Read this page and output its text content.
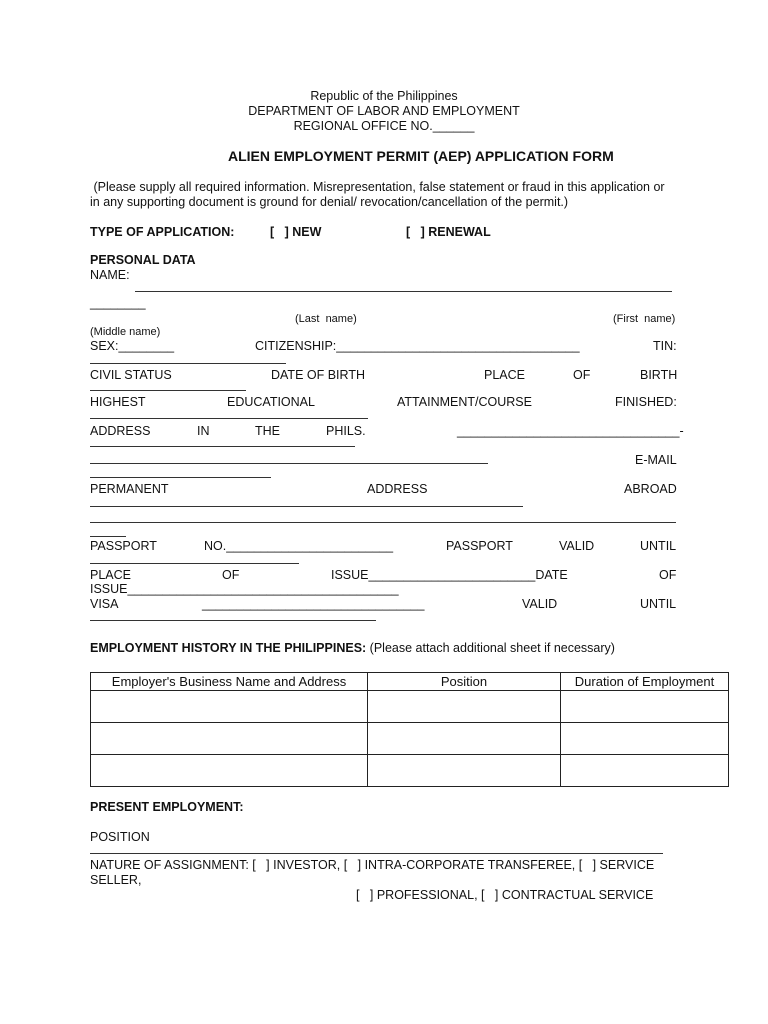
Republic of the Philippines
DEPARTMENT OF LABOR AND EMPLOYMENT
REGIONAL OFFICE NO.______
ALIEN EMPLOYMENT PERMIT (AEP) APPLICATION FORM
(Please supply all required information. Misrepresentation, false statement or fraud in this application or
in any supporting document is ground for denial/ revocation/cancellation of the permit.)
TYPE OF APPLICATION:	[   ] NEW	[   ] RENEWAL
PERSONAL DATA
NAME:
________
(Last  name)	(First  name)
(Middle name)
SEX:________	CITIZENSHIP:___________________________________	TIN:
CIVIL STATUS	DATE OF BIRTH	PLACE	OF	BIRTH
HIGHEST	EDUCATIONAL	ATTAINMENT/COURSE	FINISHED:
ADDRESS	IN	THE	PHILS.	________________________________-
E-MAIL
PERMANENT	ADDRESS	ABROAD
PASSPORT	NO.________________________	PASSPORT	VALID	UNTIL
PLACE	OF	ISSUE________________________DATE	OF
ISSUE_______________________________________
VISA	________________________________	VALID	UNTIL
EMPLOYMENT HISTORY IN THE PHILIPPINES: (Please attach additional sheet if necessary)
Employer's Business Name and Address	Position	Duration of Employment

PRESENT EMPLOYMENT:
POSITION
NATURE OF ASSIGNMENT: [   ] INVESTOR, [   ] INTRA-CORPORATE TRANSFEREE, [   ] SERVICE
SELLER,
[   ] PROFESSIONAL, [   ] CONTRACTUAL SERVICE
